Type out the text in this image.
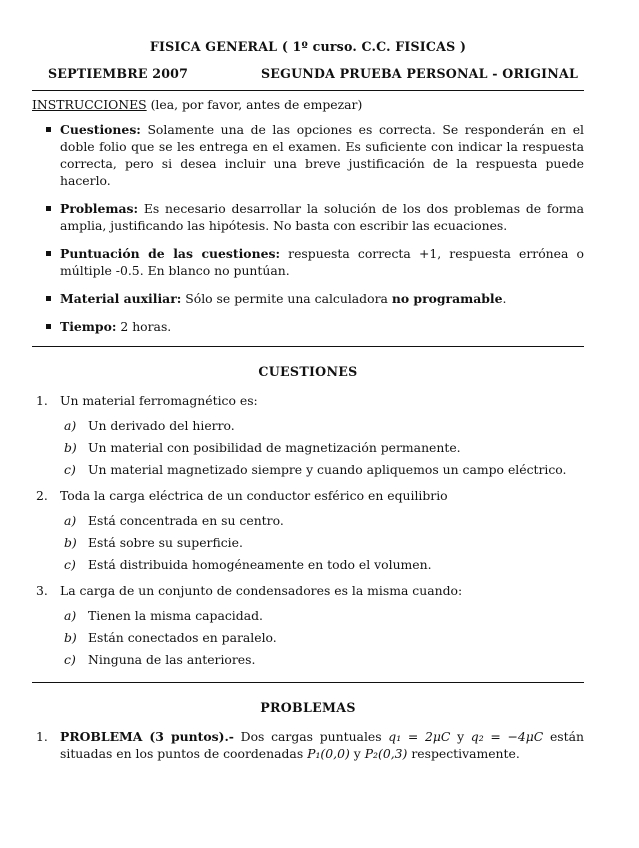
FISICA GENERAL ( 1º curso. C.C. FISICAS )

SEPTIEMBRE 2007	SEGUNDA PRUEBA PERSONAL - ORIGINAL

INSTRUCCIONES (lea, por favor, antes de empezar)
Cuestiones: Solamente una de las opciones es correcta. Se responderán en el doble folio que se les entrega en el examen. Es suficiente con indicar la respuesta correcta, pero si desea incluir una breve justificación de la respuesta puede hacerlo.
Problemas: Es necesario desarrollar la solución de los dos problemas de forma amplia, justificando las hipótesis. No basta con escribir las ecuaciones.
Puntuación de las cuestiones: respuesta correcta +1, respuesta errónea o múltiple -0.5. En blanco no puntúan.
Material auxiliar: Sólo se permite una calculadora no programable.
Tiempo: 2 horas.
CUESTIONES
1. Un material ferromagnético es:
a) Un derivado del hierro.
b) Un material con posibilidad de magnetización permanente.
c) Un material magnetizado siempre y cuando apliquemos un campo eléctrico.
2. Toda la carga eléctrica de un conductor esférico en equilibrio
a) Está concentrada en su centro.
b) Está sobre su superficie.
c) Está distribuida homogéneamente en todo el volumen.
3. La carga de un conjunto de condensadores es la misma cuando:
a) Tienen la misma capacidad.
b) Están conectados en paralelo.
c) Ninguna de las anteriores.
PROBLEMAS
1. PROBLEMA (3 puntos).- Dos cargas puntuales q₁ = 2μC y q₂ = −4μC están situadas en los puntos de coordenadas P₁(0,0) y P₂(0,3) respectivamente.
